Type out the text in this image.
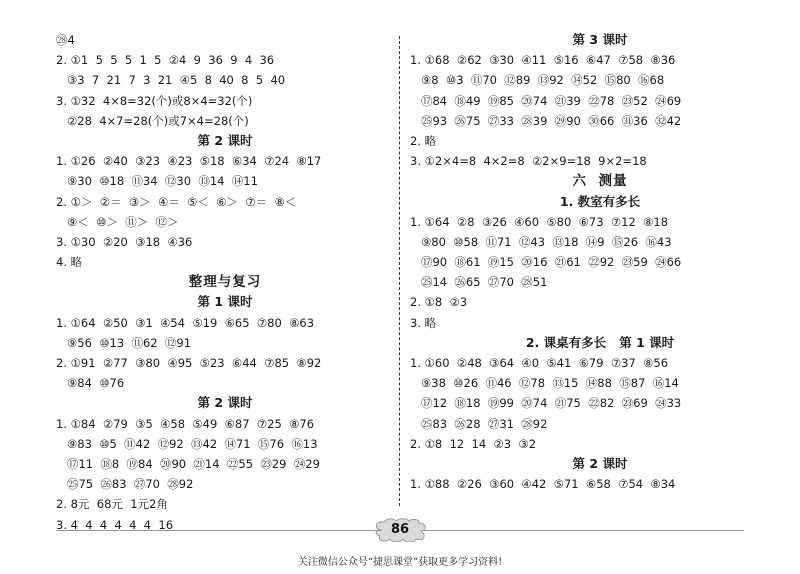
㉘4
2. ①1  5  5  5  1  5  ②4  9  36  9  4  36
③3  7  21  7  3  21  ④5  8  40  8  5  40
3. ①32  4×8=32(个)或8×4=32(个)
②28  4×7=28(个)或7×4=28(个)
第 2 课时
1. ①26  ②40  ③23  ④23  ⑤18  ⑥34  ⑦24  ⑧17
⑨30  ⑩18  ⑪34  ⑫30  ⑬14  ⑭11
2. ①＞  ②＝  ③＞  ④＝  ⑤＜  ⑥＞  ⑦＝  ⑧＜
⑨＜  ⑩＞  ⑪＞  ⑫＞
3. ①30  ②20  ③18  ④36
4. 略
整理与复习
第 1 课时
1. ①64  ②50  ③1  ④54  ⑤19  ⑥65  ⑦80  ⑧63
⑨56  ⑩13  ⑪62  ⑫91
2. ①91  ②77  ③80  ④95  ⑤23  ⑥44  ⑦85  ⑧92
⑨84  ⑩76
第 2 课时
1. ①84  ②79  ③5  ④58  ⑤49  ⑥87  ⑦25  ⑧76
⑨83  ⑩5  ⑪42  ⑫92  ⑬42  ⑭71  ⑮76  ⑯13
⑰11  ⑱8  ⑲84  ⑳90  ㉑14  ㉒55  ㉓29  ㉔29
㉕75  ㉖83  ㉗70  ㉘92
2. 8元  68元  1元2角
3. 4  4  4  4  4  4  16
第 3 课时
1. ①68  ②62  ③30  ④11  ⑤16  ⑥47  ⑦58  ⑧36
⑨8  ⑩3  ⑪70  ⑫89  ⑬92  ⑭52  ⑮80  ⑯68
⑰84  ⑱49  ⑲85  ⑳74  ㉑39  ㉒78  ㉓52  ㉔69
㉕93  ㉖75  ㉗33  ㉘39  ㉙90  ㉚66  ㉛36  ㉜42
2. 略
3. ①2×4=8  4×2=8  ②2×9=18  9×2=18
六  测量
1. 教室有多长
1. ①64  ②8  ③26  ④60  ⑤80  ⑥73  ⑦12  ⑧18
⑨80  ⑩58  ⑪71  ⑫43  ⑬18  ⑭9  ⑮26  ⑯43
⑰90  ⑱61  ⑲15  ⑳16  ㉑61  ㉒92  ㉓59  ㉔66
㉕14  ㉖65  ㉗70  ㉘51
2. ①8  ②3
3. 略
2. 课桌有多长   第 1 课时
1. ①60  ②48  ③64  ④0  ⑤41  ⑥79  ⑦37  ⑧56
⑨38  ⑩26  ⑪46  ⑫78  ⑬15  ⑭88  ⑮87  ⑯14
⑰12  ⑱18  ⑲99  ⑳74  ㉑75  ㉒82  ㉓69  ㉔33
㉕83  ㉖28  ㉗31  ㉘92
2. ①8  12  14  ②3  ③2
第 2 课时
1. ①88  ②26  ③60  ④42  ⑤71  ⑥58  ⑦54  ⑧34
86
关注微信公众号“捷思课堂”获取更多学习资料!
